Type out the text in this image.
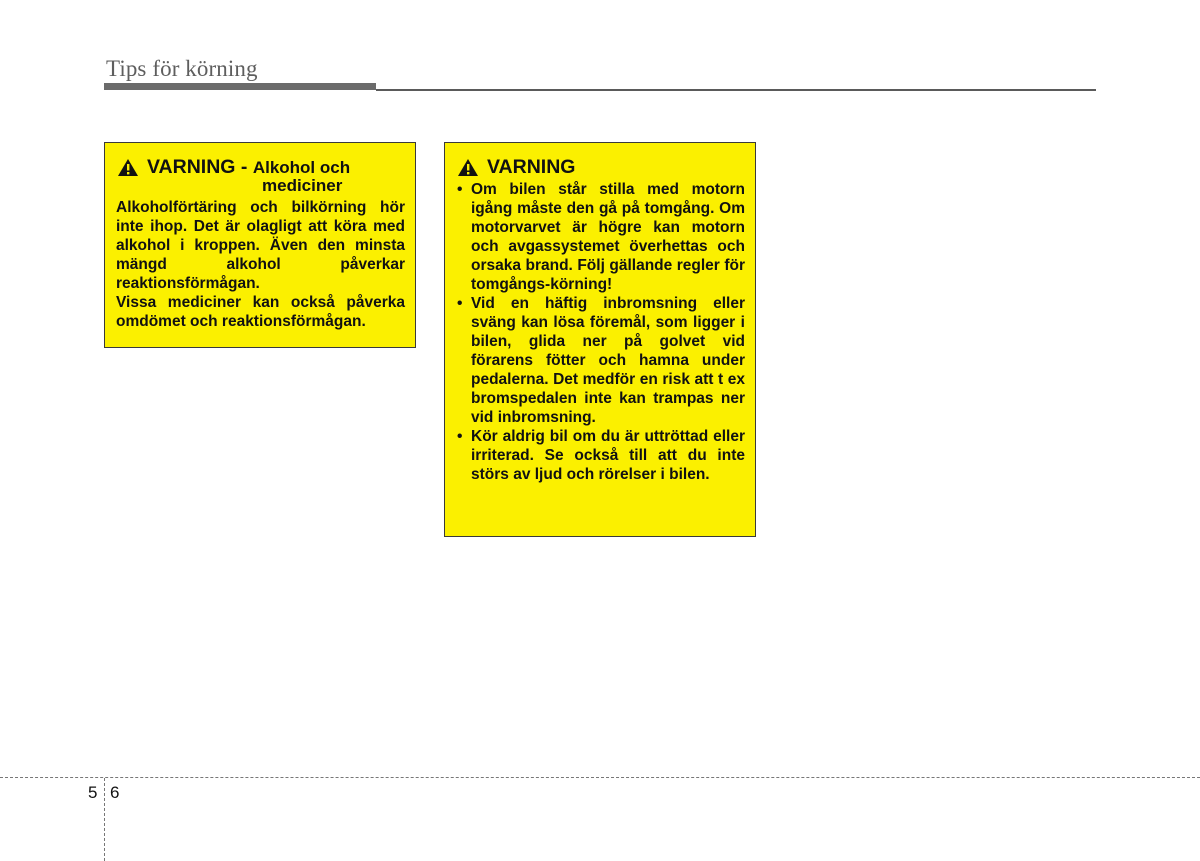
Tips för körning
VARNING - Alkohol och
mediciner

Alkoholförtäring och bilkörning hör inte ihop. Det är olagligt att köra med alkohol i kroppen. Även den minsta mängd alkohol påverkar reaktionsförmågan.

Vissa mediciner kan också påverka omdömet och reaktionsförmågan.

VARNING
• Om bilen står stilla med motorn igång måste den gå på tomgång. Om motorvarvet är högre kan motorn och avgassystemet överhettas och orsaka brand. Följ gällande regler för tomgångs-körning!
• Vid en häftig inbromsning eller sväng kan lösa föremål, som ligger i bilen, glida ner på golvet vid förarens fötter och hamna under pedalerna. Det medför en risk att t ex bromspedalen inte kan trampas ner vid inbromsning.
• Kör aldrig bil om du är uttröttad eller irriterad. Se också till att du inte störs av ljud och rörelser i bilen.
5 6
